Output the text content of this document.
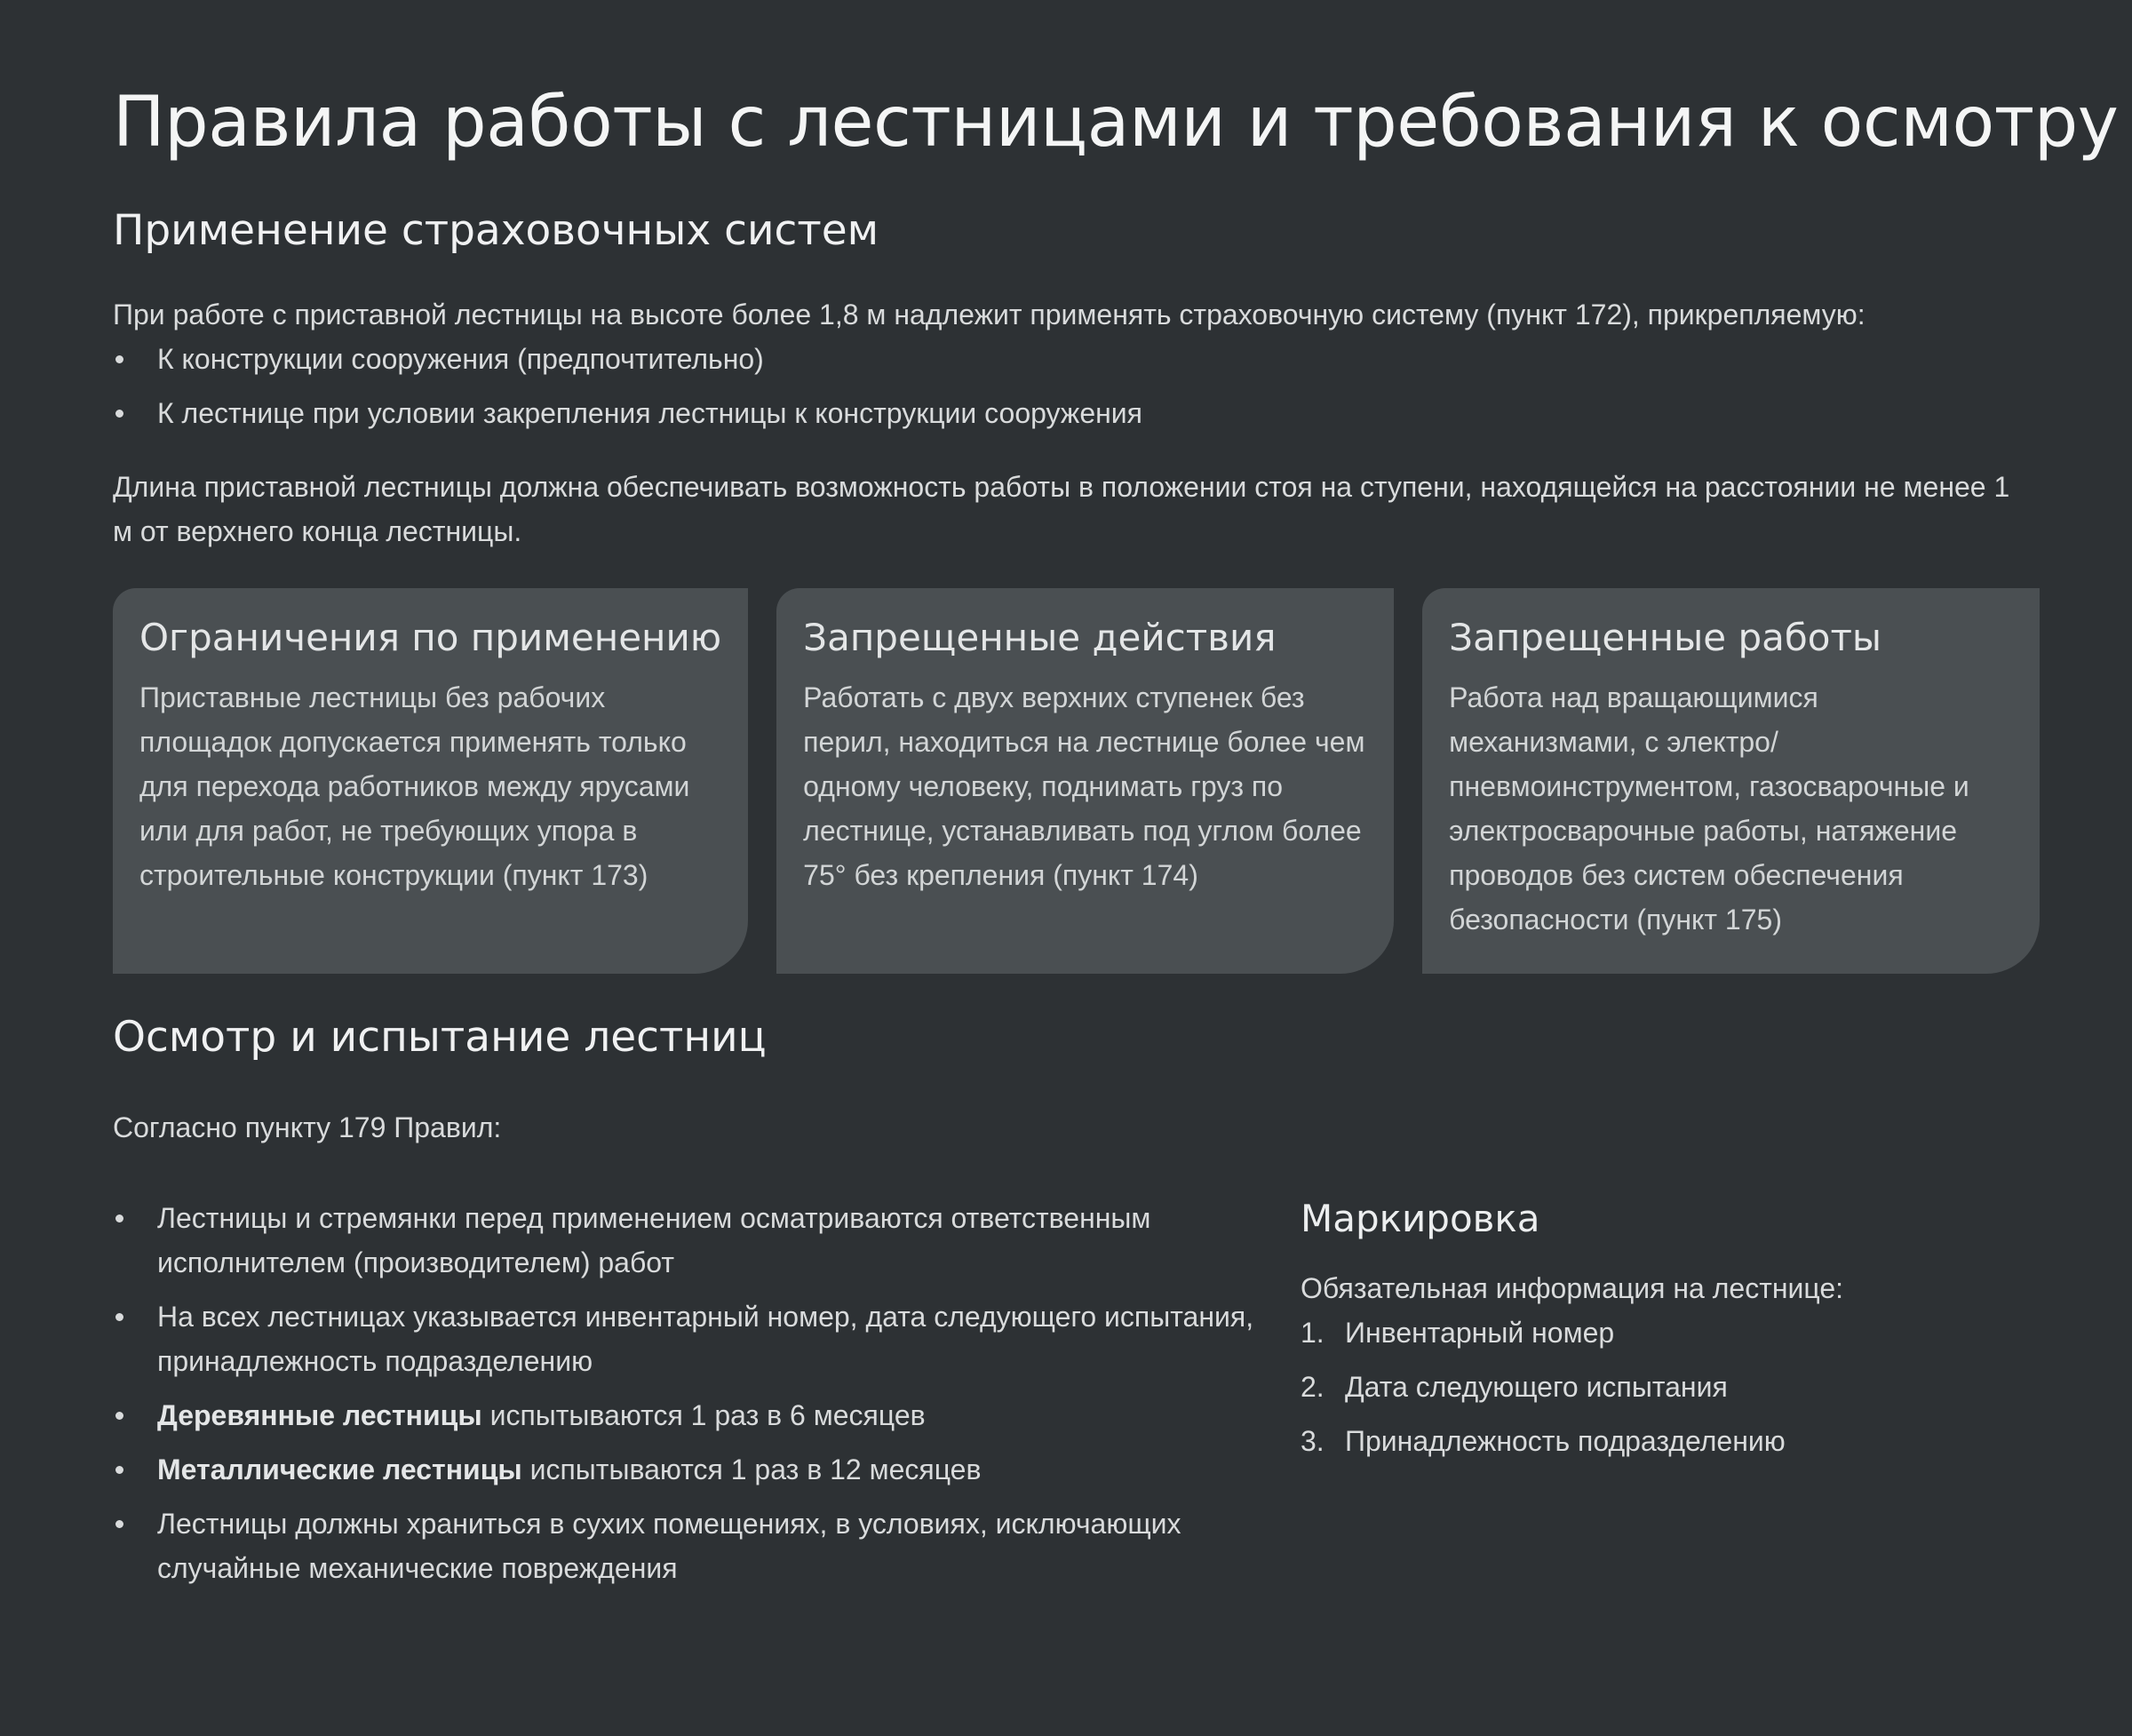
Правила работы с лестницами и требования к осмотру
Применение страховочных систем

При работе с приставной лестницы на высоте более 1,8 м надлежит применять страховочную систему (пункт 172), прикрепляемую:

К конструкции сооружения (предпочтительно)
К лестнице при условии закрепления лестницы к конструкции сооружения

Длина приставной лестницы должна обеспечивать возможность работы в положении стоя на ступени, находящейся на расстоянии не менее 1 м от верхнего конца лестницы.

Ограничения по применению

Приставные лестницы без рабочих площадок допускается применять только для перехода работников между ярусами или для работ, не требующих упора в строительные конструкции (пункт 173)

Запрещенные действия

Работать с двух верхних ступенек без перил, находиться на лестнице более чем одному человеку, поднимать груз по лестнице, устанавливать под углом более 75° без крепления (пункт 174)

Запрещенные работы

Работа над вращающимися механизмами, с электро/ пневмоинструментом, газосварочные и электросварочные работы, натяжение проводов без систем обеспечения безопасности (пункт 175)

Осмотр и испытание лестниц

Согласно пункту 179 Правил:

Лестницы и стремянки перед применением осматриваются ответственным исполнителем (производителем) работ
На всех лестницах указывается инвентарный номер, дата следующего испытания, принадлежность подразделению
Деревянные лестницы испытываются 1 раз в 6 месяцев
Металлические лестницы испытываются 1 раз в 12 месяцев
Лестницы должны храниться в сухих помещениях, в условиях, исключающих случайные механические повреждения
Маркировка

Обязательная информация на лестнице:

1. Инвентарный номер
2. Дата следующего испытания
3. Принадлежность подразделению
